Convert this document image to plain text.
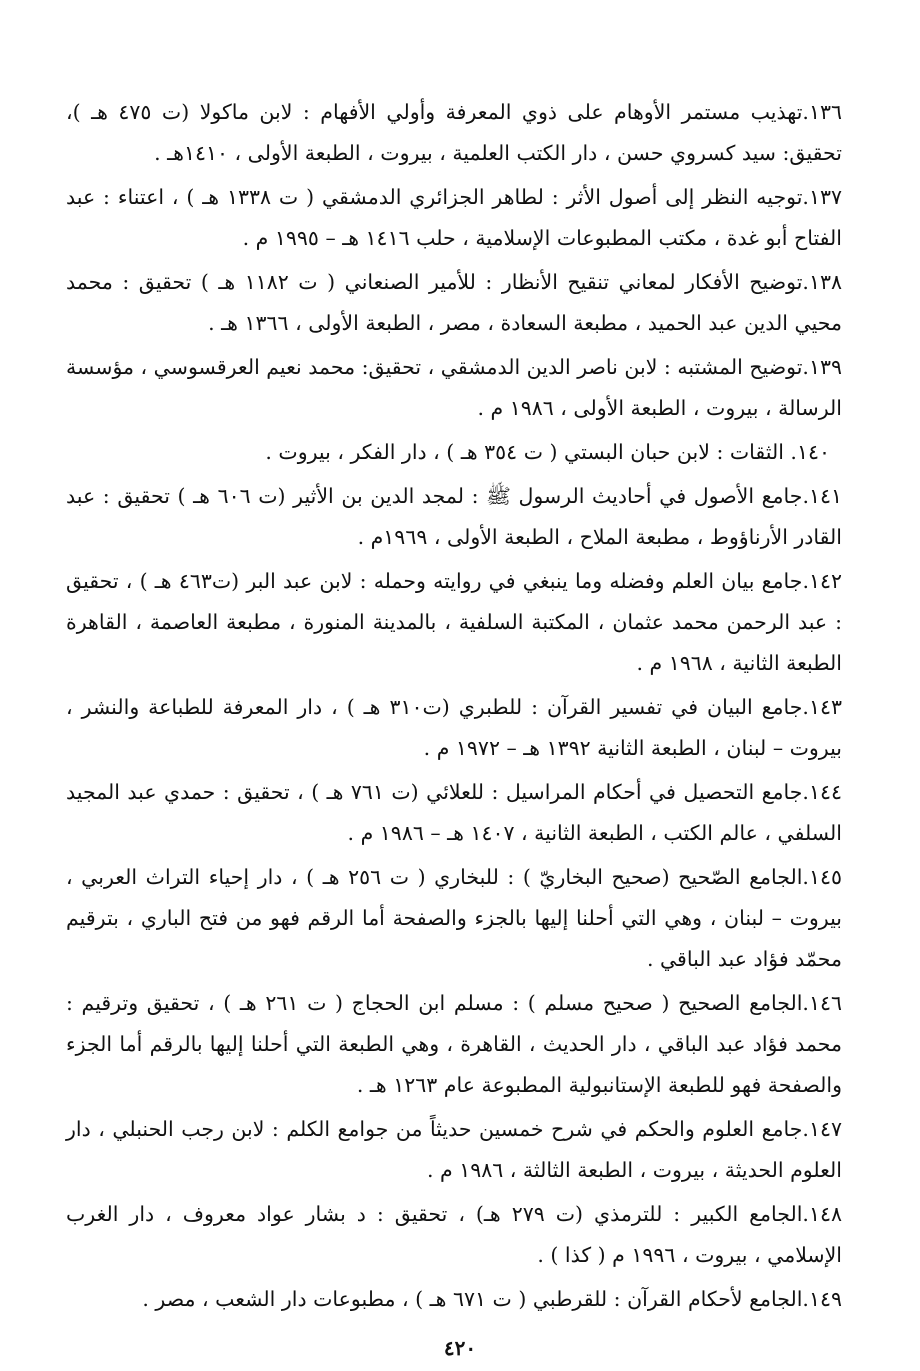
١٣٦.تهذيب مستمر الأوهام على ذوي المعرفة وأولي الأفهام : لابن ماكولا (ت ٤٧٥ هـ )، تحقيق: سيد كسروي حسن ، دار الكتب العلمية ، بيروت ، الطبعة الأولى ، ١٤١٠هـ .

١٣٧.توجيه النظر إلى أصول الأثر : لطاهر الجزائري الدمشقي ( ت ١٣٣٨ هـ ) ، اعتناء : عبد الفتاح أبو غدة ، مكتب المطبوعات الإسلامية ، حلب ١٤١٦ هـ – ١٩٩٥ م .

١٣٨.توضيح الأفكار لمعاني تنقيح الأنظار : للأمير الصنعاني ( ت ١١٨٢ هـ ) تحقيق : محمد محيي الدين عبد الحميد ، مطبعة السعادة ، مصر ، الطبعة الأولى ، ١٣٦٦ هـ .

١٣٩.توضيح المشتبه : لابن ناصر الدين الدمشقي ، تحقيق: محمد نعيم العرقسوسي ، مؤسسة الرسالة ، بيروت ، الطبعة الأولى ، ١٩٨٦ م .

١٤٠. الثقات : لابن حبان البستي ( ت ٣٥٤ هـ ) ، دار الفكر ، بيروت .

١٤١.جامع الأصول في أحاديث الرسول ﷺ : لمجد الدين بن الأثير (ت ٦٠٦ هـ ) تحقيق : عبد القادر الأرناؤوط ، مطبعة الملاح ، الطبعة الأولى ، ١٩٦٩م .

١٤٢.جامع بيان العلم وفضله وما ينبغي في روايته وحمله : لابن عبد البر (ت٤٦٣ هـ ) ، تحقيق : عبد الرحمن محمد عثمان ، المكتبة السلفية ، بالمدينة المنورة ، مطبعة العاصمة ، القاهرة الطبعة الثانية ، ١٩٦٨ م .

١٤٣.جامع البيان في تفسير القرآن : للطبري (ت٣١٠ هـ ) ، دار المعرفة للطباعة والنشر ، بيروت – لبنان ، الطبعة الثانية ١٣٩٢ هـ – ١٩٧٢ م .

١٤٤.جامع التحصيل في أحكام المراسيل : للعلائي (ت ٧٦١ هـ ) ، تحقيق : حمدي عبد المجيد السلفي ، عالم الكتب ، الطبعة الثانية ، ١٤٠٧ هـ – ١٩٨٦ م .

١٤٥.الجامع الصّحيح (صحيح البخاريّ ) : للبخاري ( ت ٢٥٦ هـ ) ، دار إحياء التراث العربي ، بيروت – لبنان ، وهي التي أحلنا إليها بالجزء والصفحة أما الرقم فهو من فتح الباري ، بترقيم محمّد فؤاد عبد الباقي .

١٤٦.الجامع الصحيح ( صحيح مسلم ) : مسلم ابن الحجاج ( ت ٢٦١ هـ ) ، تحقيق وترقيم : محمد فؤاد عبد الباقي ، دار الحديث ، القاهرة ، وهي الطبعة التي أحلنا إليها بالرقم أما الجزء والصفحة فهو للطبعة الإستانبولية المطبوعة عام ١٢٦٣ هـ .

١٤٧.جامع العلوم والحكم في شرح خمسين حديثاً من جوامع الكلم : لابن رجب الحنبلي ، دار العلوم الحديثة ، بيروت ، الطبعة الثالثة ، ١٩٨٦ م .

١٤٨.الجامع الكبير : للترمذي (ت ٢٧٩ هـ) ، تحقيق : د بشار عواد معروف ، دار الغرب الإسلامي ، بيروت ، ١٩٩٦ م ( كذا ) .

١٤٩.الجامع لأحكام القرآن : للقرطبي ( ت ٦٧١ هـ ) ، مطبوعات دار الشعب ، مصر .

٤٢٠
